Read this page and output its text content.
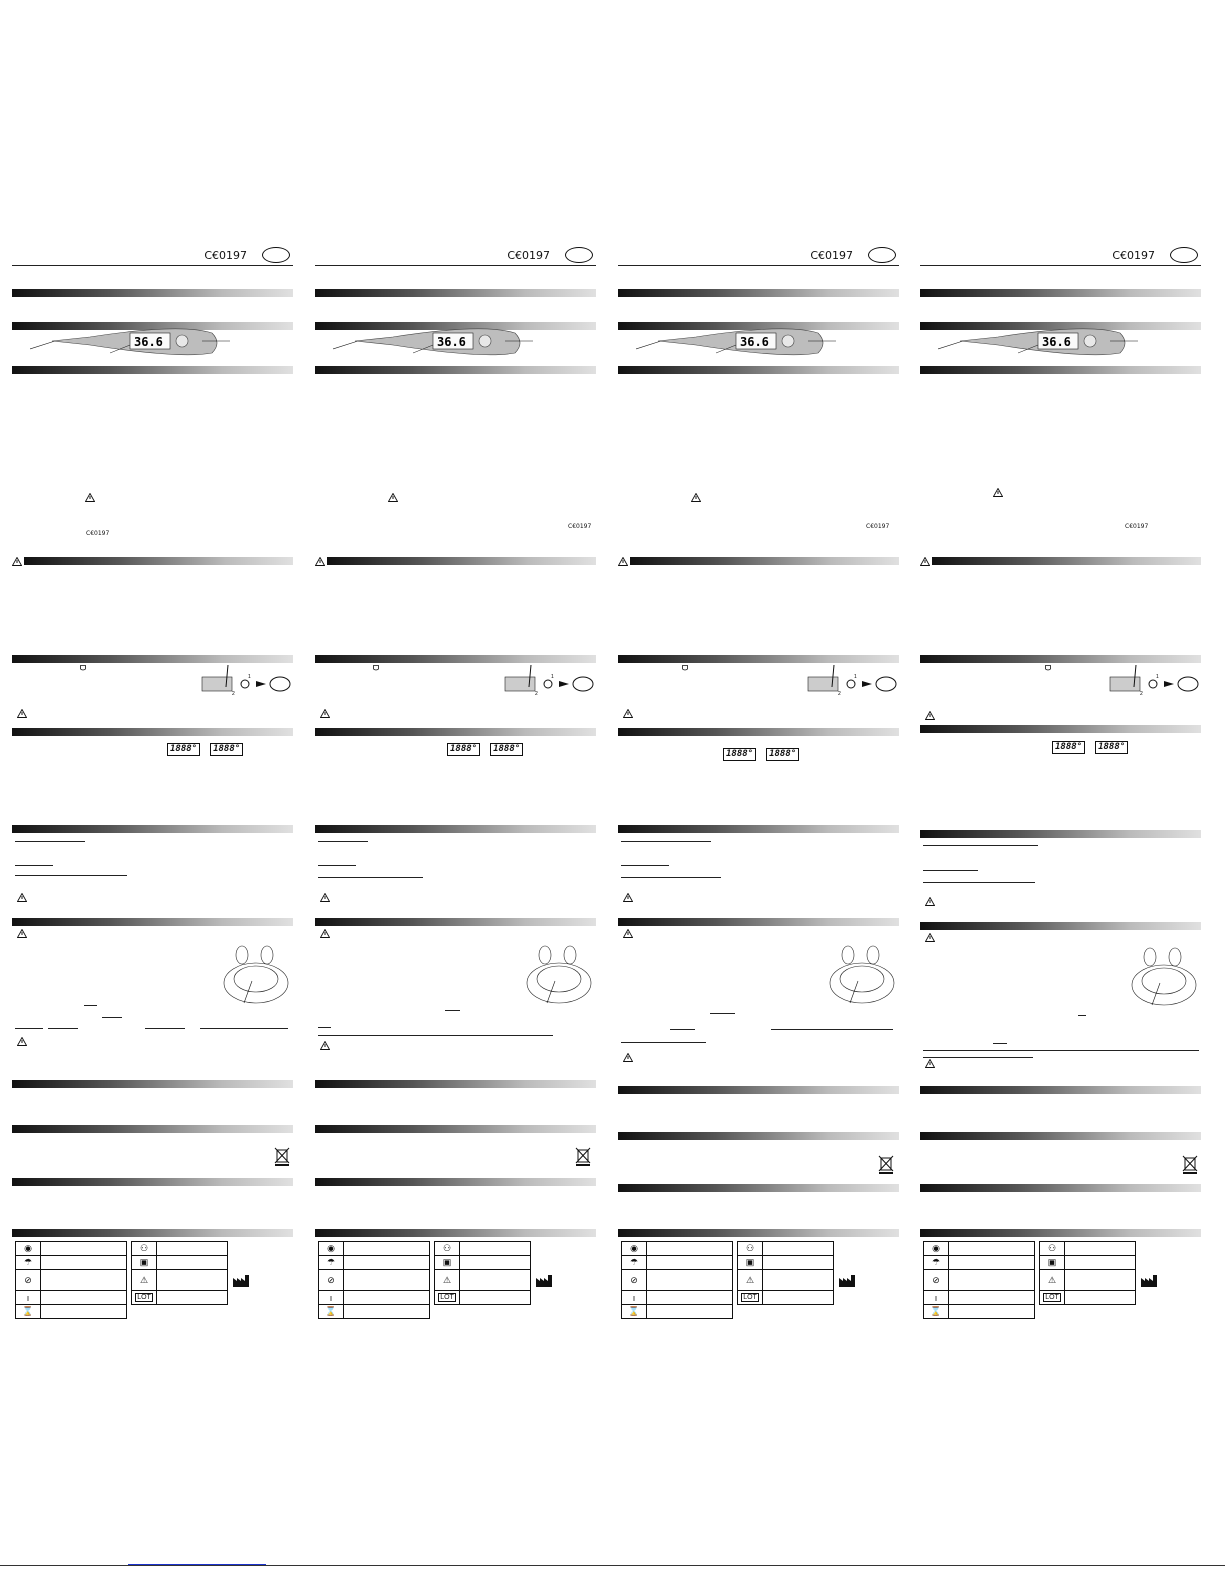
C€0197
36.6
C€0197
2
1
1888°	1888°
◉	
☂	
⊘	
ı	
⌛	
⚇	
▣	
⚠	
LOT	
C€0197
36.6
C€0197
2
1
1888°	1888°
◉	
☂	
⊘	
ı	
⌛	
⚇	
▣	
⚠	
LOT	
C€0197
36.6
C€0197
2
1
1888°	1888°
◉	
☂	
⊘	
ı	
⌛	
⚇	
▣	
⚠	
LOT	
C€0197
36.6
C€0197
2
1
1888°	1888°
◉	
☂	
⊘	
ı	
⌛	
⚇	
▣	
⚠	
LOT	
